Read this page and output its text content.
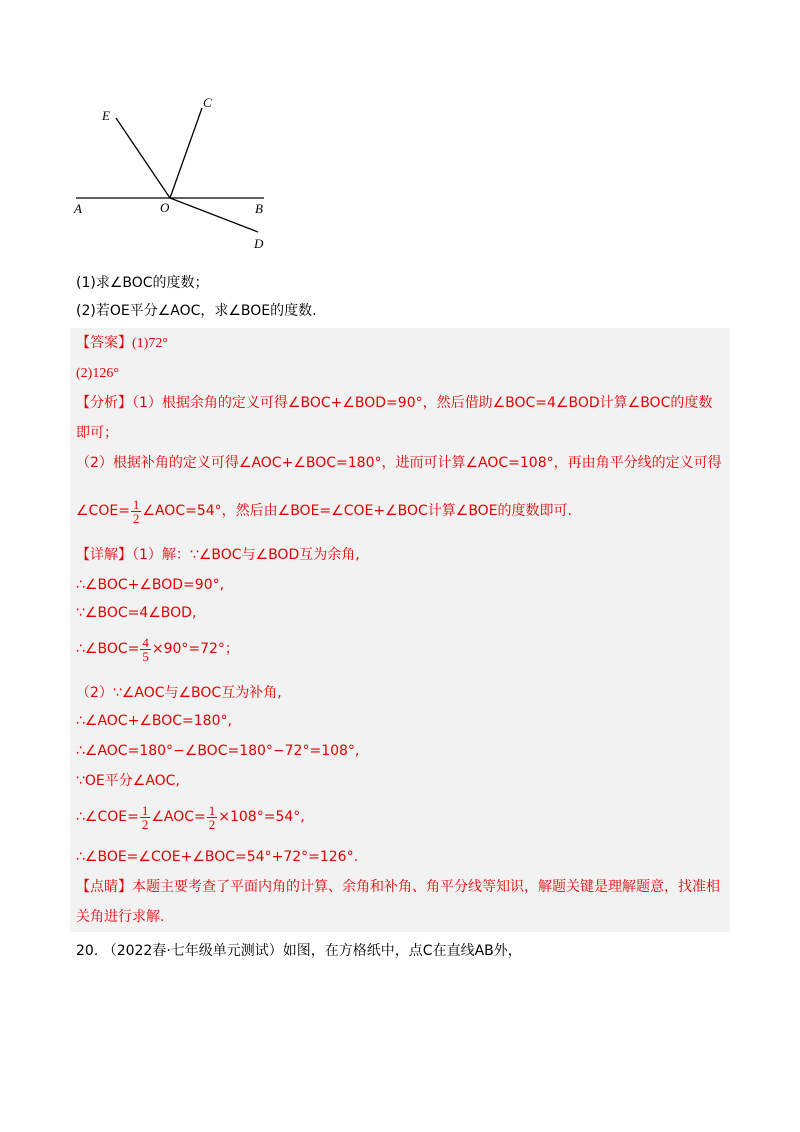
E
C
A	O	B
D
(1)求∠BOC的度数；
(2)若OE平分∠AOC，求∠BOE的度数.
【答案】(1)72°
(2)126°
【分析】（1）根据余角的定义可得∠BOC+∠BOD=90°，然后借助∠BOC=4∠BOD计算∠BOC的度数
即可；
（2）根据补角的定义可得∠AOC+∠BOC=180°，进而可计算∠AOC=108°，再由角平分线的定义可得
∠COE= $\frac{1}{2}$ ∠AOC=54°，然后由∠BOE=∠COE+∠BOC计算∠BOE的度数即可.
【详解】（1）解：∵∠BOC与∠BOD互为余角,
∴∠BOC+∠BOD=90°,
∵∠BOC=4∠BOD,
∴∠BOC= $\frac{4}{5} \times 90^\circ=72^\circ$；
（2）∵∠AOC与∠BOC互为补角,
∴∠AOC+∠BOC=180°,
∴∠AOC=180°−∠BOC=180°−72°=108°,
∵OE平分∠AOC,
∴∠COE= $\frac{1}{2}$ ∠AOC= $\frac{1}{2} \times 108^\circ=54^\circ$,
∴∠BOE=∠COE+∠BOC=54°+72°=126°.
【点睛】本题主要考查了平面内角的计算、余角和补角、角平分线等知识，解题关键是理解题意，找准相
关角进行求解.
20. （2022春·七年级单元测试）如图，在方格纸中，点C在直线AB外，
